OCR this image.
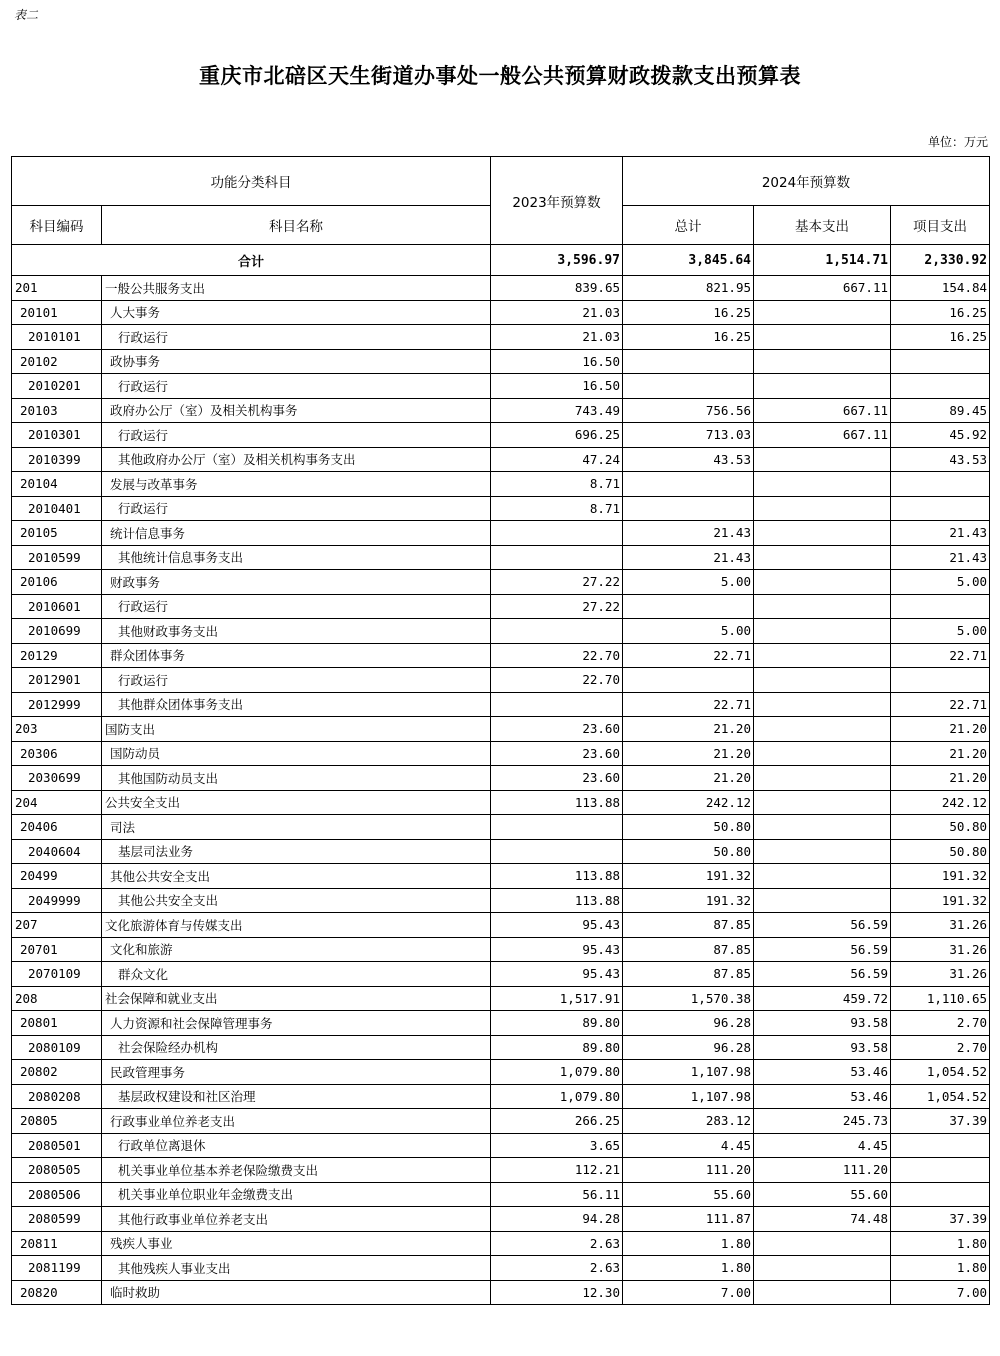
表二
重庆市北碚区天生街道办事处一般公共预算财政拨款支出预算表
单位：万元
功能分类科目		2023年预算数	2024年预算数		
科目编码	科目名称		总计	基本支出	项目支出
合计		3,596.97	3,845.64	1,514.71	2,330.92
201	一般公共服务支出	839.65	821.95	667.11	154.84
20101	人大事务	21.03	16.25		16.25
2010101	行政运行	21.03	16.25		16.25
20102	政协事务	16.50			
2010201	行政运行	16.50			
20103	政府办公厅（室）及相关机构事务	743.49	756.56	667.11	89.45
2010301	行政运行	696.25	713.03	667.11	45.92
2010399	其他政府办公厅（室）及相关机构事务支出	47.24	43.53		43.53
20104	发展与改革事务	8.71			
2010401	行政运行	8.71			
20105	统计信息事务		21.43		21.43
2010599	其他统计信息事务支出		21.43		21.43
20106	财政事务	27.22	5.00		5.00
2010601	行政运行	27.22			
2010699	其他财政事务支出		5.00		5.00
20129	群众团体事务	22.70	22.71		22.71
2012901	行政运行	22.70			
2012999	其他群众团体事务支出		22.71		22.71
203	国防支出	23.60	21.20		21.20
20306	国防动员	23.60	21.20		21.20
2030699	其他国防动员支出	23.60	21.20		21.20
204	公共安全支出	113.88	242.12		242.12
20406	司法		50.80		50.80
2040604	基层司法业务		50.80		50.80
20499	其他公共安全支出	113.88	191.32		191.32
2049999	其他公共安全支出	113.88	191.32		191.32
207	文化旅游体育与传媒支出	95.43	87.85	56.59	31.26
20701	文化和旅游	95.43	87.85	56.59	31.26
2070109	群众文化	95.43	87.85	56.59	31.26
208	社会保障和就业支出	1,517.91	1,570.38	459.72	1,110.65
20801	人力资源和社会保障管理事务	89.80	96.28	93.58	2.70
2080109	社会保险经办机构	89.80	96.28	93.58	2.70
20802	民政管理事务	1,079.80	1,107.98	53.46	1,054.52
2080208	基层政权建设和社区治理	1,079.80	1,107.98	53.46	1,054.52
20805	行政事业单位养老支出	266.25	283.12	245.73	37.39
2080501	行政单位离退休	3.65	4.45	4.45	
2080505	机关事业单位基本养老保险缴费支出	112.21	111.20	111.20	
2080506	机关事业单位职业年金缴费支出	56.11	55.60	55.60	
2080599	其他行政事业单位养老支出	94.28	111.87	74.48	37.39
20811	残疾人事业	2.63	1.80		1.80
2081199	其他残疾人事业支出	2.63	1.80		1.80
20820	临时救助	12.30	7.00		7.00
